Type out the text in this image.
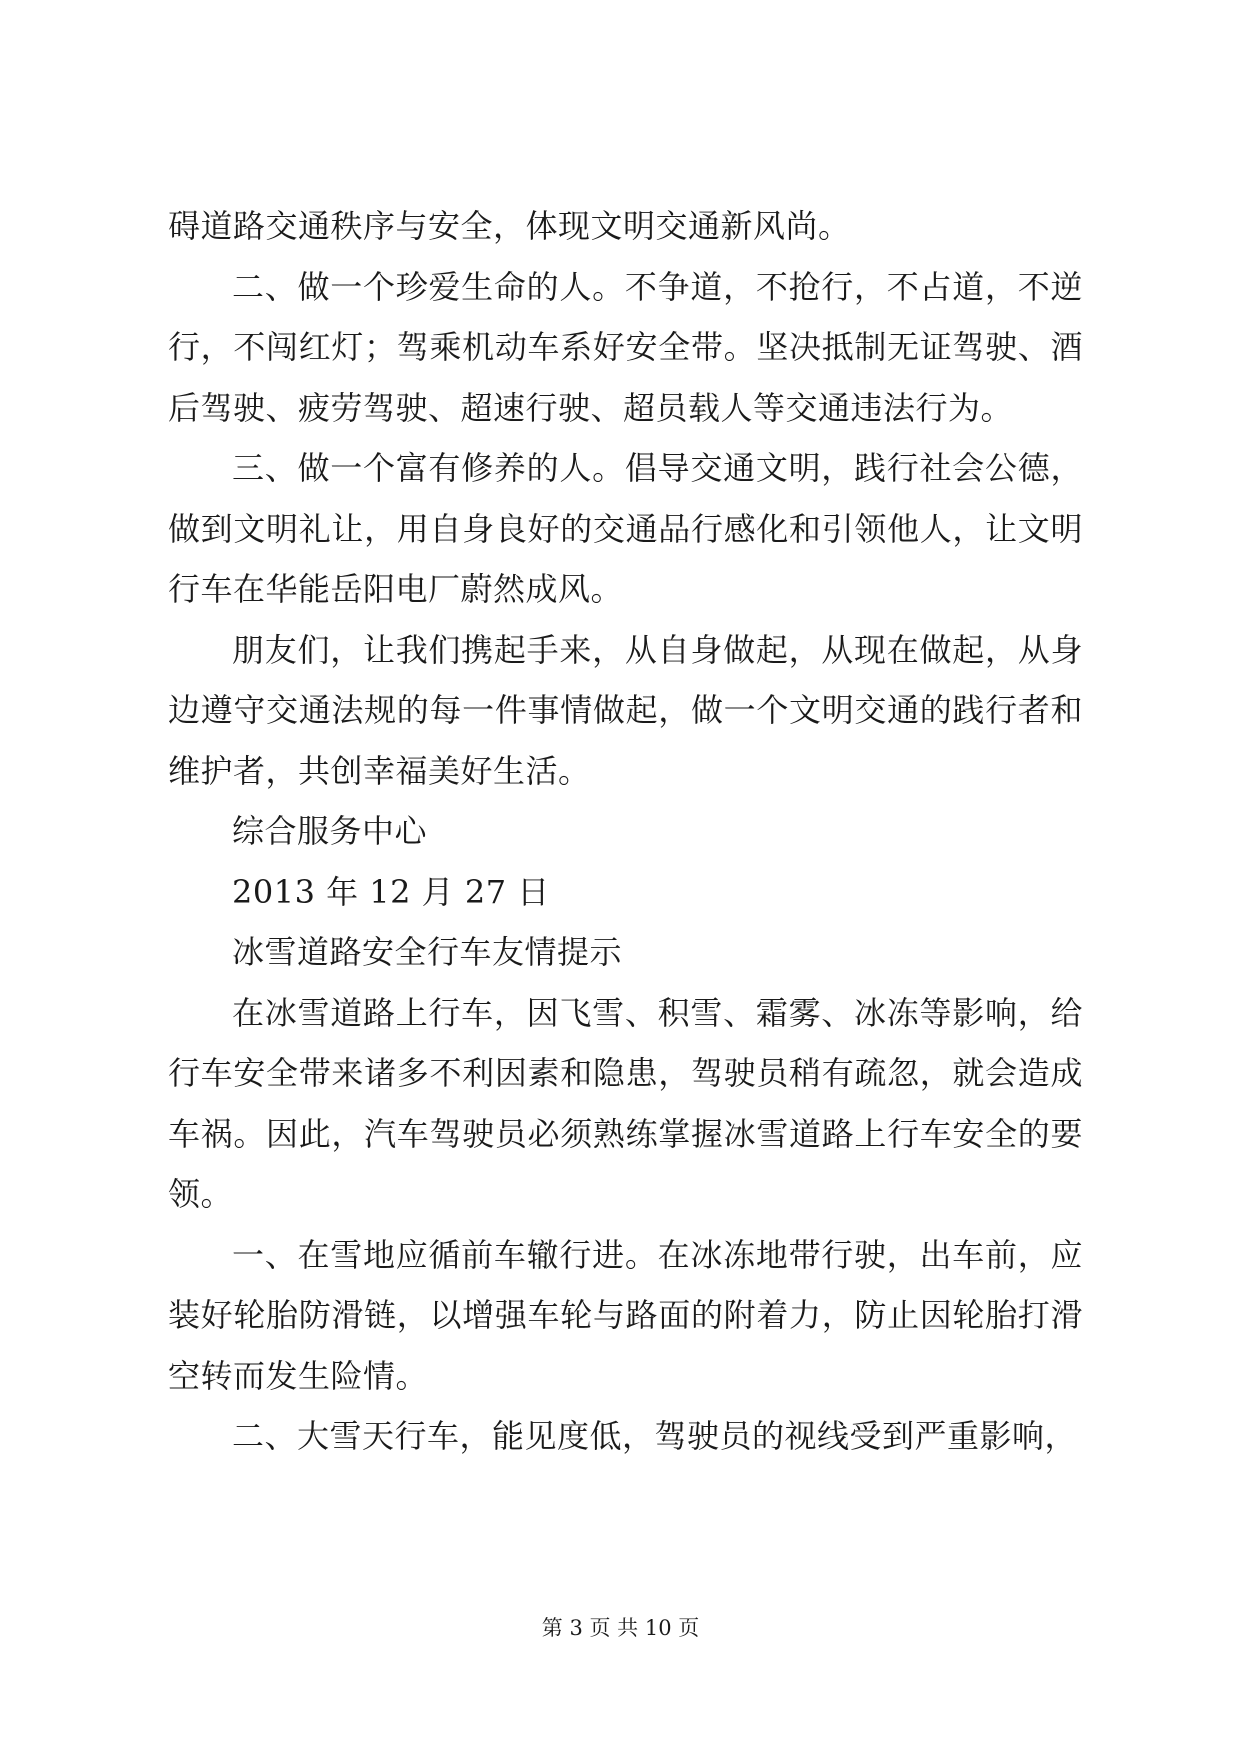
碍道路交通秩序与安全，体现文明交通新风尚。

二、做一个珍爱生命的人。不争道，不抢行，不占道，不逆行，不闯红灯；驾乘机动车系好安全带。坚决抵制无证驾驶、酒后驾驶、疲劳驾驶、超速行驶、超员载人等交通违法行为。

三、做一个富有修养的人。倡导交通文明，践行社会公德，做到文明礼让，用自身良好的交通品行感化和引领他人，让文明行车在华能岳阳电厂蔚然成风。

朋友们，让我们携起手来，从自身做起，从现在做起，从身边遵守交通法规的每一件事情做起，做一个文明交通的践行者和维护者，共创幸福美好生活。

综合服务中心

2013 年 12 月 27 日

冰雪道路安全行车友情提示

在冰雪道路上行车，因飞雪、积雪、霜雾、冰冻等影响，给行车安全带来诸多不利因素和隐患，驾驶员稍有疏忽，就会造成车祸。因此，汽车驾驶员必须熟练掌握冰雪道路上行车安全的要领。

一、在雪地应循前车辙行进。在冰冻地带行驶，出车前，应装好轮胎防滑链，以增强车轮与路面的附着力，防止因轮胎打滑空转而发生险情。

二、大雪天行车，能见度低，驾驶员的视线受到严重影响，

第 3 页 共 10 页
